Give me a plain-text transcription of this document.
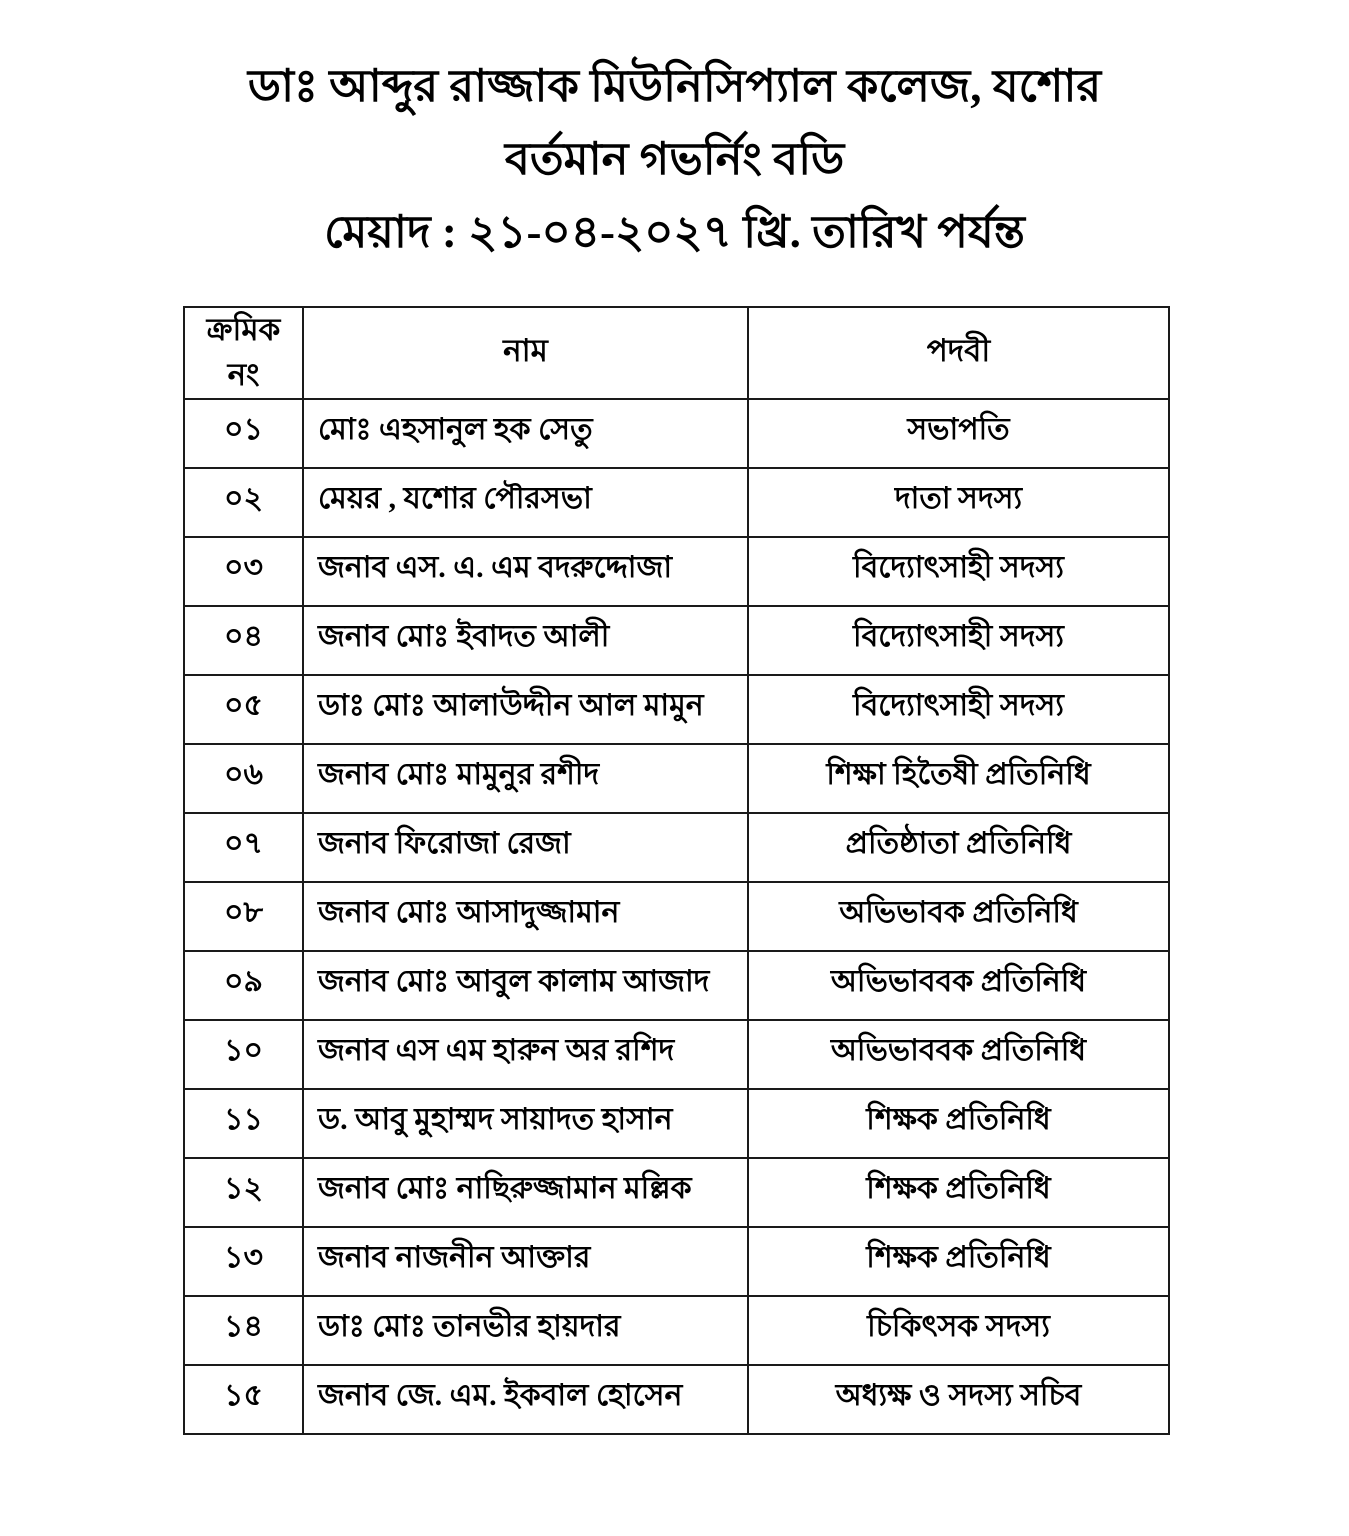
ডাঃ আব্দুর রাজ্জাক মিউনিসিপ্যাল কলেজ, যশোর
বর্তমান গভর্নিং বডি
মেয়াদ : ২১-০৪-২০২৭ খ্রি. তারিখ পর্যন্ত
ক্রমিক
নং	নাম	পদবী
০১	মোঃ এহসানুল হক সেতু	সভাপতি
০২	মেয়র , যশোর পৌরসভা	দাতা সদস্য
০৩	জনাব এস. এ. এম বদরুদ্দোজা	বিদ্যোৎসাহী সদস্য
০৪	জনাব মোঃ ইবাদত আলী	বিদ্যোৎসাহী সদস্য
০৫	ডাঃ মোঃ আলাউদ্দীন আল মামুন	বিদ্যোৎসাহী সদস্য
০৬	জনাব মোঃ মামুনুর রশীদ	শিক্ষা হিতৈষী প্রতিনিধি
০৭	জনাব ফিরোজা রেজা	প্রতিষ্ঠাতা প্রতিনিধি
০৮	জনাব মোঃ আসাদুজ্জামান	অভিভাবক প্রতিনিধি
০৯	জনাব মোঃ আবুল কালাম আজাদ	অভিভাববক প্রতিনিধি
১০	জনাব এস এম হারুন অর রশিদ	অভিভাববক প্রতিনিধি
১১	ড. আবু মুহাম্মদ সায়াদত হাসান	শিক্ষক প্রতিনিধি
১২	জনাব মোঃ নাছিরুজ্জামান মল্লিক	শিক্ষক প্রতিনিধি
১৩	জনাব নাজনীন আক্তার	শিক্ষক প্রতিনিধি
১৪	ডাঃ মোঃ তানভীর হায়দার	চিকিৎসক সদস্য
১৫	জনাব জে. এম. ইকবাল হোসেন	অধ্যক্ষ ও সদস্য সচিব
